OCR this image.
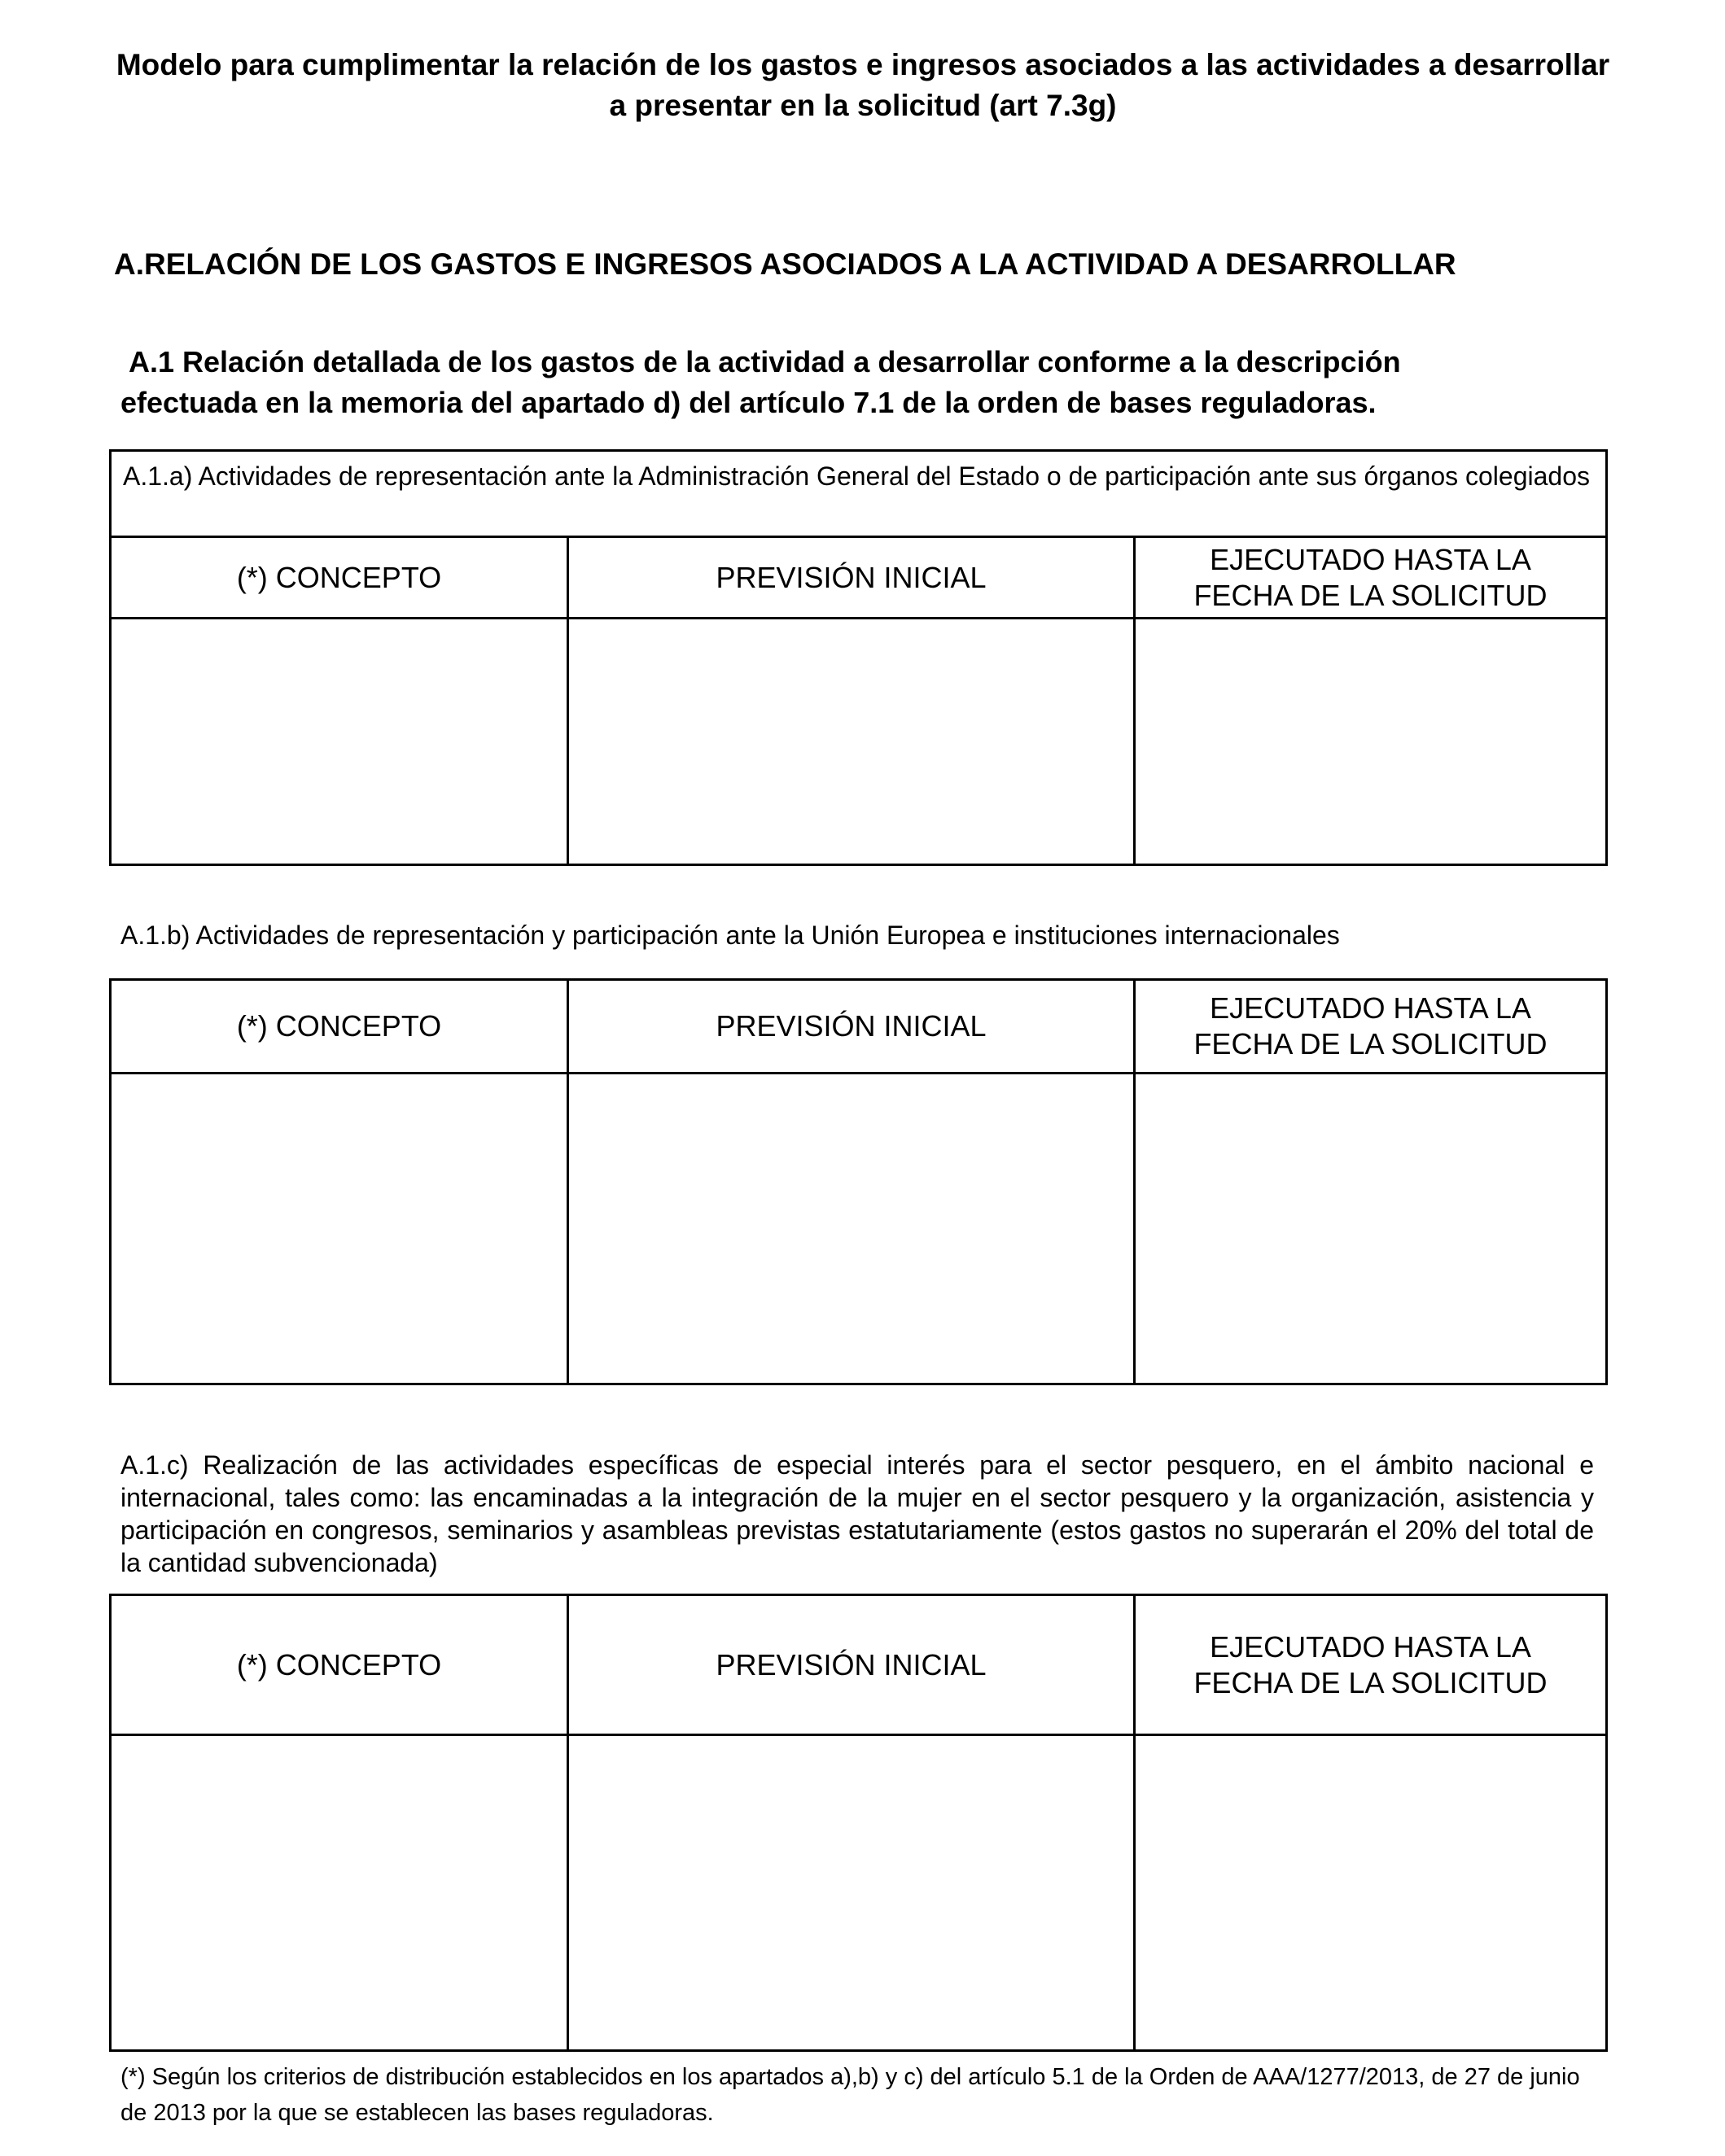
Modelo para cumplimentar la relación de los gastos e ingresos asociados a las actividades a desarrollar a presentar en la solicitud (art 7.3g)
A.RELACIÓN DE LOS GASTOS E INGRESOS ASOCIADOS A LA ACTIVIDAD A DESARROLLAR
A.1 Relación detallada de los gastos de la actividad a desarrollar conforme a la descripción
efectuada en la memoria del apartado d) del artículo 7.1 de la orden de bases reguladoras.
A.1.a) Actividades de representación ante la Administración General del Estado o de participación ante sus órganos colegiados		
(*) CONCEPTO	PREVISIÓN INICIAL	EJECUTADO HASTA LA FECHA DE LA SOLICITUD

A.1.b) Actividades de representación y participación ante la Unión Europea e instituciones internacionales
(*) CONCEPTO	PREVISIÓN INICIAL	EJECUTADO HASTA LA FECHA DE LA SOLICITUD

A.1.c) Realización de las actividades específicas de especial interés para el sector pesquero, en el ámbito nacional e internacional, tales como: las encaminadas a la integración de la mujer en el sector pesquero y la organización, asistencia y participación en congresos, seminarios y asambleas previstas estatutariamente (estos gastos no superarán el 20% del total de la cantidad subvencionada)
(*) CONCEPTO	PREVISIÓN INICIAL	EJECUTADO HASTA LA FECHA DE LA SOLICITUD

(*) Según los criterios de distribución establecidos en los apartados a),b) y c) del artículo 5.1 de la Orden de AAA/1277/2013, de 27 de junio de 2013 por la que se establecen las bases reguladoras.
